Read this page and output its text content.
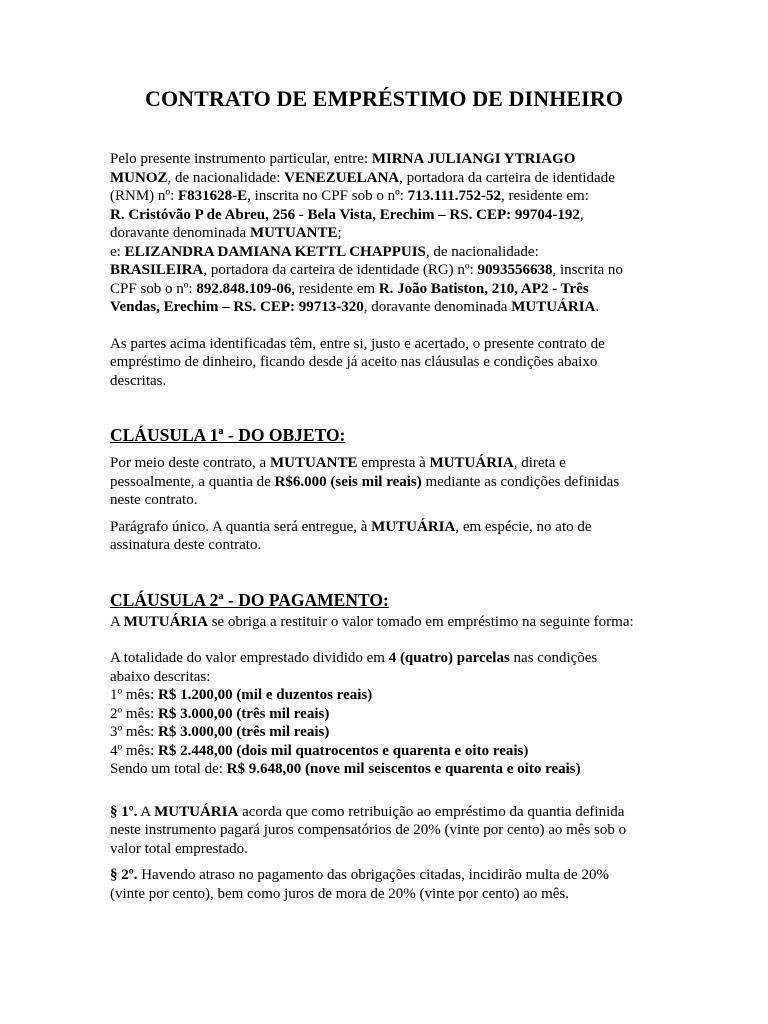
CONTRATO DE EMPRÉSTIMO DE DINHEIRO

Pelo presente instrumento particular, entre: MIRNA JULIANGI YTRIAGO
MUNOZ, de nacionalidade: VENEZUELANA, portadora da carteira de identidade
(RNM) nº: F831628-E, inscrita no CPF sob o nº: 713.111.752-52, residente em:
R. Cristóvão P de Abreu, 256 - Bela Vista, Erechim – RS. CEP: 99704-192,
doravante denominada MUTUANTE;
e: ELIZANDRA DAMIANA KETTL CHAPPUIS, de nacionalidade:
BRASILEIRA, portadora da carteira de identidade (RG) nº: 9093556638, inscrita no
CPF sob o nº: 892.848.109-06, residente em R. João Batiston, 210, AP2 - Três
Vendas, Erechim – RS. CEP: 99713-320, doravante denominada MUTUÁRIA.

As partes acima identificadas têm, entre si, justo e acertado, o presente contrato de
empréstimo de dinheiro, ficando desde já aceito nas cláusulas e condições abaixo
descritas.

CLÁUSULA 1ª - DO OBJETO:

Por meio deste contrato, a MUTUANTE empresta à MUTUÁRIA, direta e
pessoalmente, a quantia de R$6.000 (seis mil reais) mediante as condições definidas
neste contrato.

Parágrafo único. A quantia será entregue, à MUTUÁRIA, em espécie, no ato de
assinatura deste contrato.

CLÁUSULA 2ª - DO PAGAMENTO:

A MUTUÁRIA se obriga a restituir o valor tomado em empréstimo na seguinte forma:

A totalidade do valor emprestado dividido em 4 (quatro) parcelas nas condições
abaixo descritas:
1º mês: R$ 1.200,00 (mil e duzentos reais)
2º mês: R$ 3.000,00 (três mil reais)
3º mês: R$ 3.000,00 (três mil reais)
4º mês: R$ 2.448,00 (dois mil quatrocentos e quarenta e oito reais)
Sendo um total de: R$ 9.648,00 (nove mil seiscentos e quarenta e oito reais)

§ 1º. A MUTUÁRIA acorda que como retribuição ao empréstimo da quantia definida
neste instrumento pagará juros compensatórios de 20% (vinte por cento) ao mês sob o
valor total emprestado.

§ 2º. Havendo atraso no pagamento das obrigações citadas, incidirão multa de 20%
(vinte por cento), bem como juros de mora de 20% (vinte por cento) ao mês.
